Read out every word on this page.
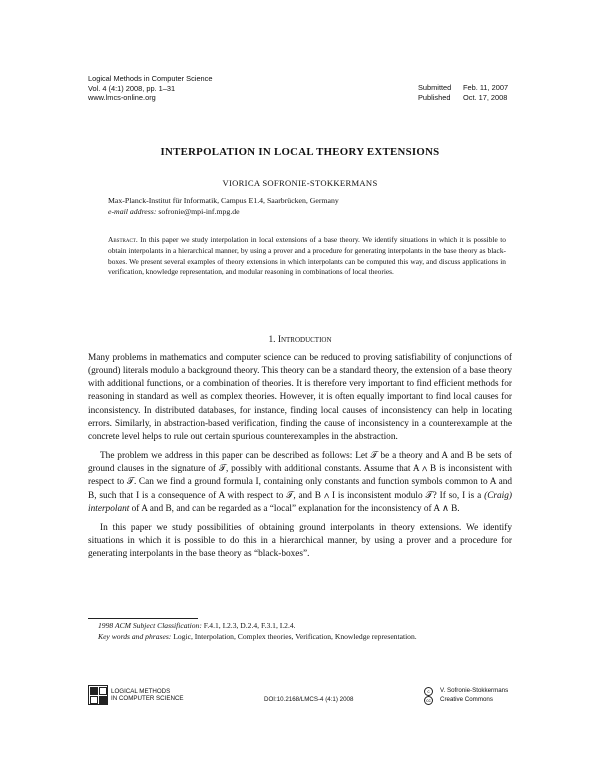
Logical Methods in Computer Science
Vol. 4 (4:1) 2008, pp. 1–31
www.lmcs-online.org
Submitted	Feb. 11, 2007
Published	Oct. 17, 2008
INTERPOLATION IN LOCAL THEORY EXTENSIONS
VIORICA SOFRONIE-STOKKERMANS
Max-Planck-Institut für Informatik, Campus E1.4, Saarbrücken, Germany
e-mail address: sofronie@mpi-inf.mpg.de
Abstract. In this paper we study interpolation in local extensions of a base theory. We identify situations in which it is possible to obtain interpolants in a hierarchical manner, by using a prover and a procedure for generating interpolants in the base theory as black-boxes. We present several examples of theory extensions in which interpolants can be computed this way, and discuss applications in verification, knowledge representation, and modular reasoning in combinations of local theories.
1. Introduction

Many problems in mathematics and computer science can be reduced to proving satisfiability of conjunctions of (ground) literals modulo a background theory. This theory can be a standard theory, the extension of a base theory with additional functions, or a combination of theories. It is therefore very important to find efficient methods for reasoning in standard as well as complex theories. However, it is often equally important to find local causes for inconsistency. In distributed databases, for instance, finding local causes of inconsistency can help in locating errors. Similarly, in abstraction-based verification, finding the cause of inconsistency in a counterexample at the concrete level helps to rule out certain spurious counterexamples in the abstraction.

The problem we address in this paper can be described as follows: Let 𝒯 be a theory and A and B be sets of ground clauses in the signature of 𝒯, possibly with additional constants. Assume that A ∧ B is inconsistent with respect to 𝒯. Can we find a ground formula I, containing only constants and function symbols common to A and B, such that I is a consequence of A with respect to 𝒯, and B ∧ I is inconsistent modulo 𝒯? If so, I is a (Craig) interpolant of A and B, and can be regarded as a “local” explanation for the inconsistency of A ∧ B.

In this paper we study possibilities of obtaining ground interpolants in theory extensions. We identify situations in which it is possible to do this in a hierarchical manner, by using a prover and a procedure for generating interpolants in the base theory as “black-boxes”.

1998 ACM Subject Classification: F.4.1, I.2.3, D.2.4, F.3.1, I.2.4.
Key words and phrases: Logic, Interpolation, Complex theories, Verification, Knowledge representation.
LOGICAL METHODS
IN COMPUTER SCIENCE	DOI:10.2168/LMCS-4 (4:1) 2008
c	V. Sofronie-Stokkermans
cc	Creative Commons
